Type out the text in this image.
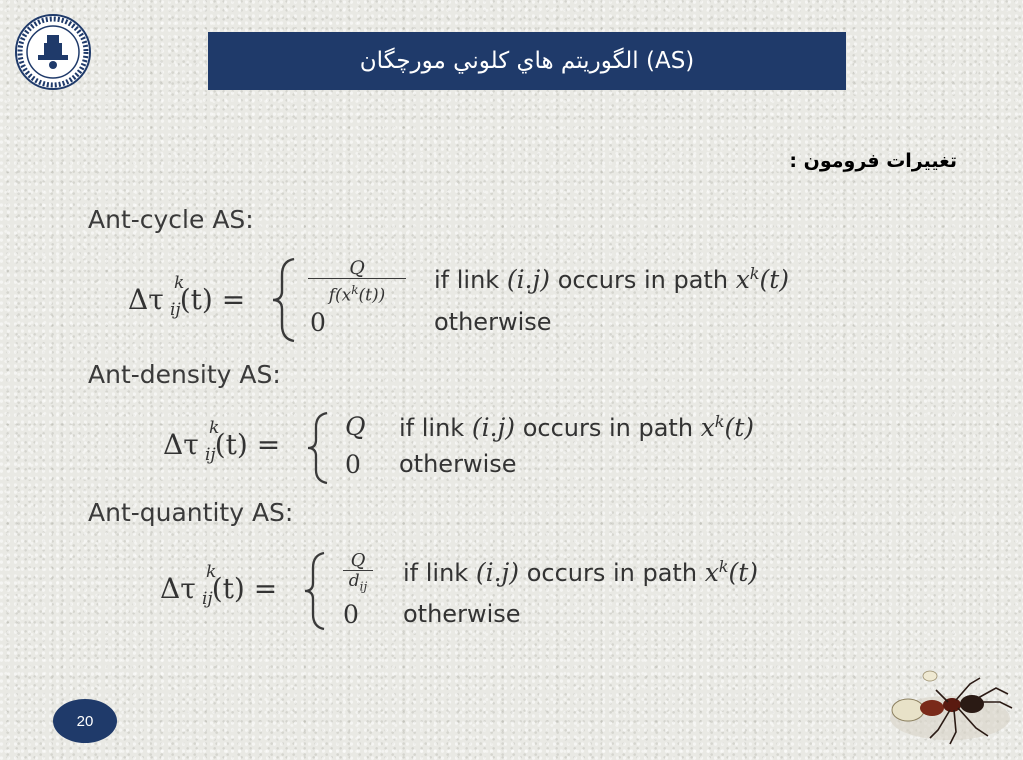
الگوريتم هاي كلوني مورچگان (AS)
تغییرات فرومون :
Ant-cycle AS:
Δτ k
ij (t) =
Q
$f(x^k(t))$
if link (i.j) occurs in path $x^k(t)$
0	otherwise
Ant-density AS:
Δτ k
ij (t) =
Q if link (i.j) occurs in path $x^k(t)$
0 otherwise
Ant-quantity AS:
Δτ k
ij (t) =
Q
$d_{ij}$ if link (i.j) occurs in path $x^k(t)$
0 otherwise
20
